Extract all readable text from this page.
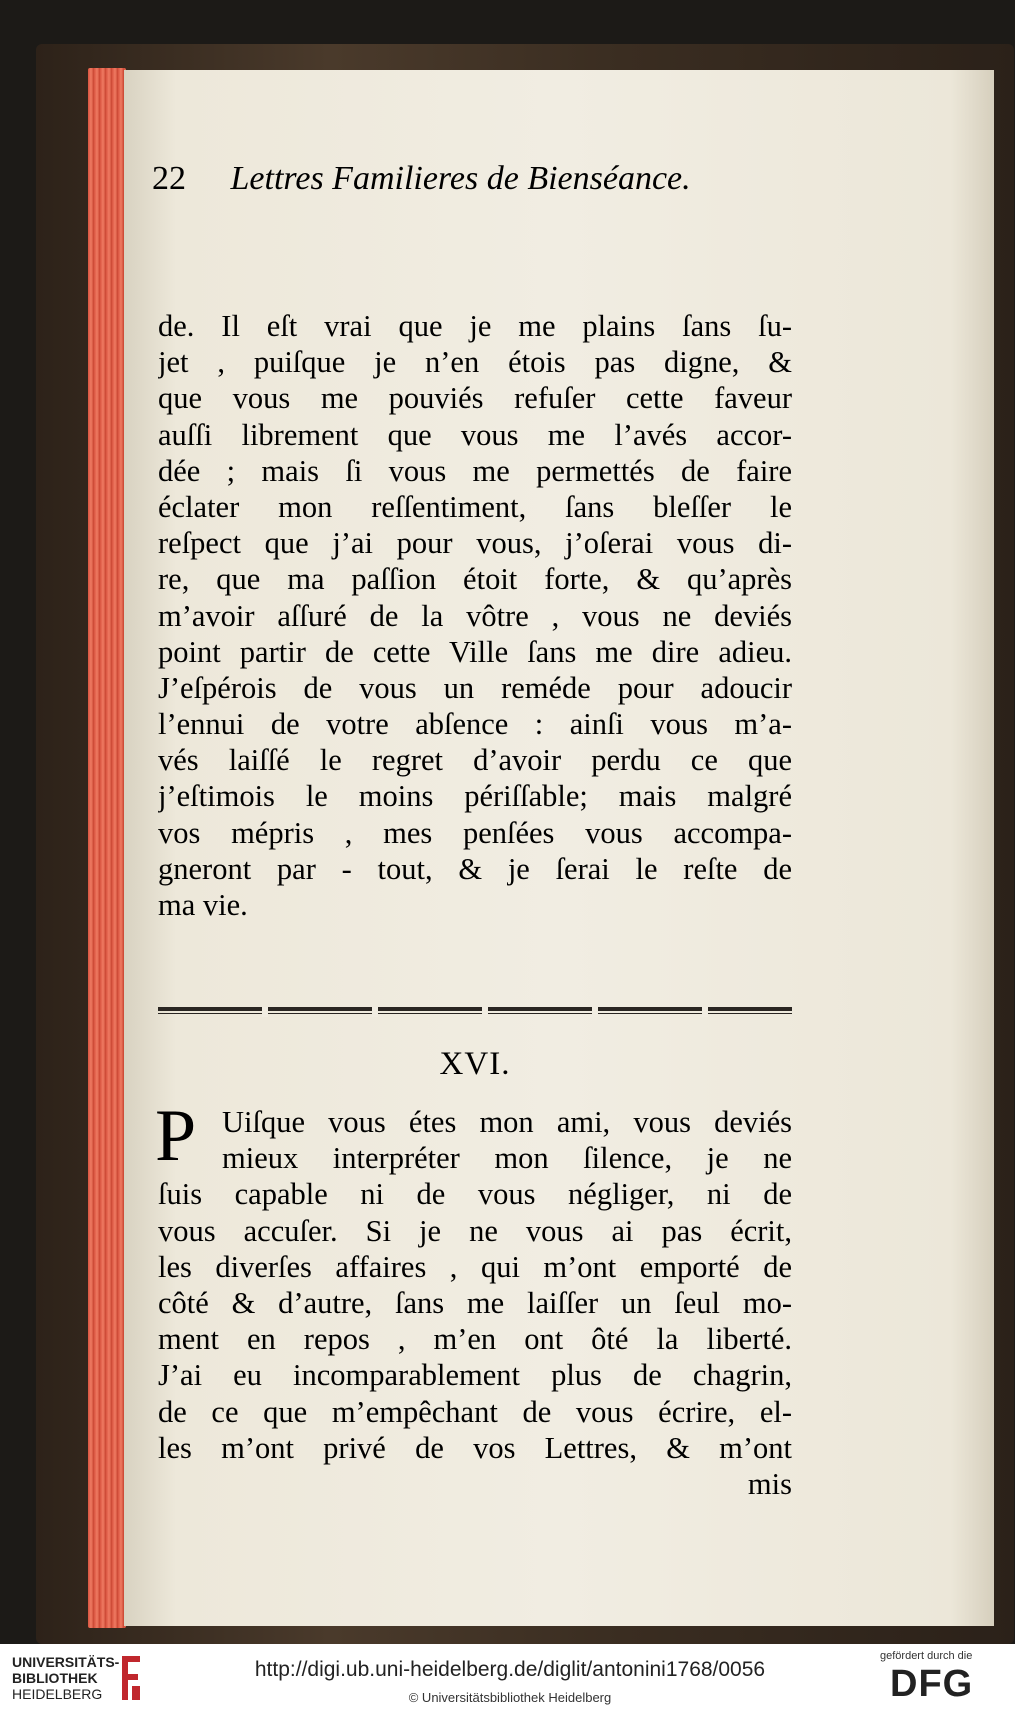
22 Lettres Familieres de Bienséance.
de. Il eſt vrai que je me plains ſans ſu-
jet , puiſque je n’en étois pas digne, &
que vous me pouviés refuſer cette faveur
auſſi librement que vous me l’avés accor-
dée ; mais ſi vous me permettés de faire
éclater mon reſſentiment, ſans bleſſer le
reſpect que j’ai pour vous, j’oſerai vous di-
re, que ma paſſion étoit forte, & qu’après
m’avoir aſſuré de la vôtre , vous ne deviés
point partir de cette Ville ſans me dire adieu.
J’eſpérois de vous un reméde pour adoucir
l’ennui de votre abſence : ainſi vous m’a-
vés laiſſé le regret d’avoir perdu ce que
j’eſtimois le moins périſſable; mais malgré
vos mépris , mes penſées vous accompa-
gneront par - tout, & je ſerai le reſte de
ma vie.
XVI.
P Uiſque vous étes mon ami, vous deviés
mieux interpréter mon ſilence, je ne
ſuis capable ni de vous négliger, ni de
vous accuſer. Si je ne vous ai pas écrit,
les diverſes affaires , qui m’ont emporté de
côté & d’autre, ſans me laiſſer un ſeul mo-
ment en repos , m’en ont ôté la liberté.
J’ai eu incomparablement plus de chagrin,
de ce que m’empêchant de vous écrire, el-
les m’ont privé de vos Lettres, & m’ont
mis
UNIVERSITÄTS-
BIBLIOTHEK
HEIDELBERG
http://digi.ub.uni-heidelberg.de/diglit/antonini1768/0056
© Universitätsbibliothek Heidelberg
gefördert durch die
DFG
